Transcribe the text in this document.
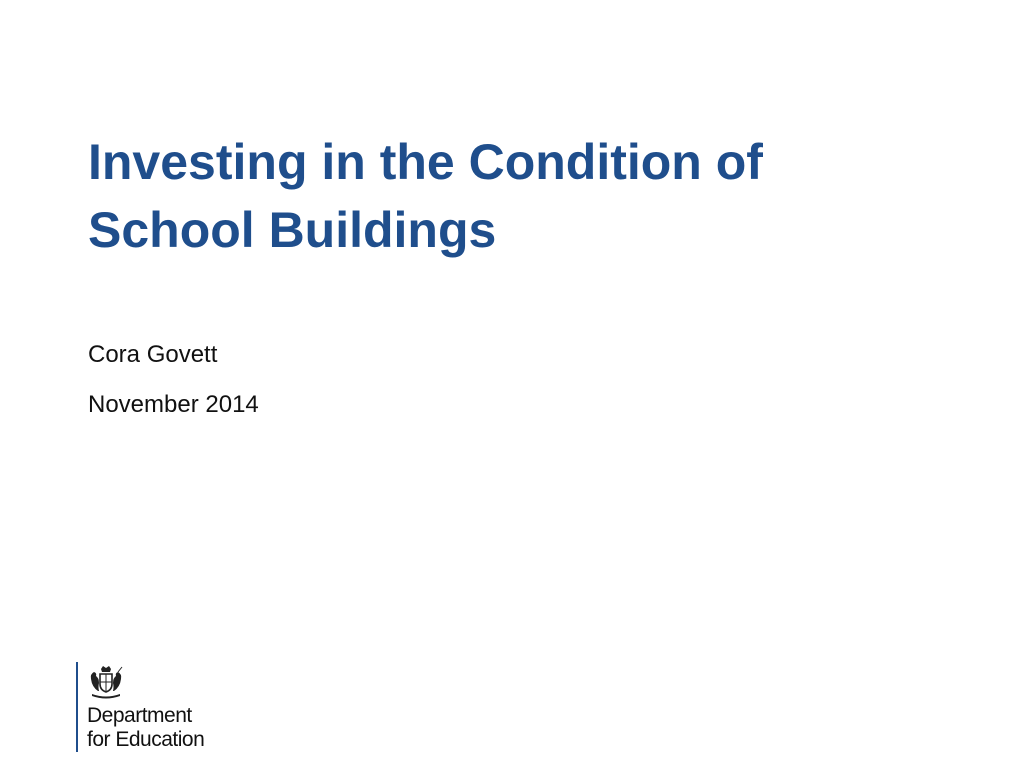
Investing in the Condition of
School Buildings
Cora Govett
November 2014
Department
for Education
